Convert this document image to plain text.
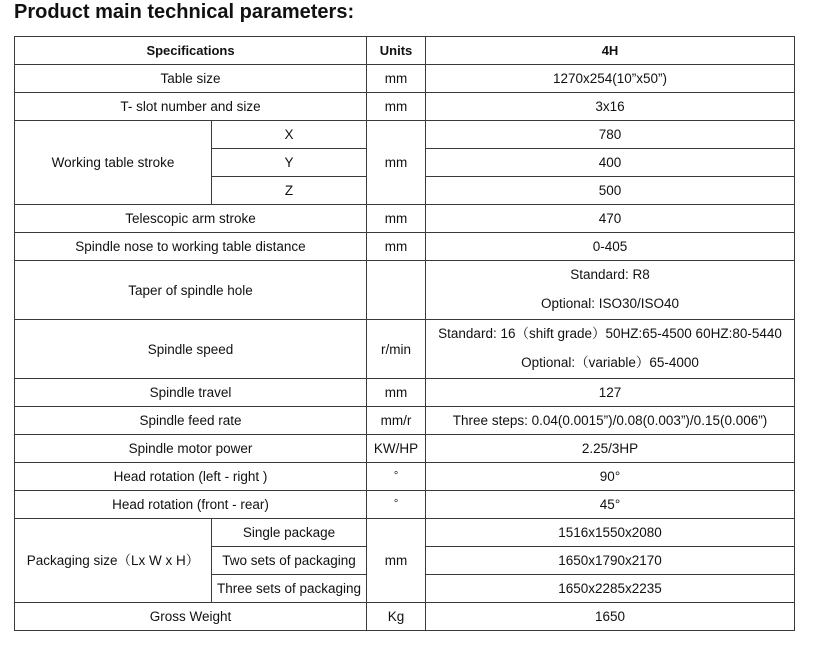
Product main technical parameters:
Specifications		Units	4H
Table size		mm	1270x254(10”x50”)
T- slot number and size		mm	3x16
Working table stroke	X	mm	780
	Y		400
	Z		500
Telescopic arm stroke		mm	470
Spindle nose to working table distance		mm	0-405
Taper of spindle hole			Standard: R8
Optional: ISO30/ISO40

Spindle speed		r/min	Standard: 16（shift grade）50HZ:65-4500 60HZ:80-5440
Optional:（variable）65-4000

Spindle travel		mm	127
Spindle feed rate		mm/r	Three steps: 0.04(0.0015”)/0.08(0.003”)/0.15(0.006”)
Spindle motor power		KW/HP	2.25/3HP
Head rotation (left - right )		°	90°
Head rotation (front - rear)		°	45°
Packaging size（Lx W x H）	Single package	mm	1516x1550x2080
	Two sets of packaging		1650x1790x2170
	Three sets of packaging		1650x2285x2235
Gross Weight		Kg	1650
